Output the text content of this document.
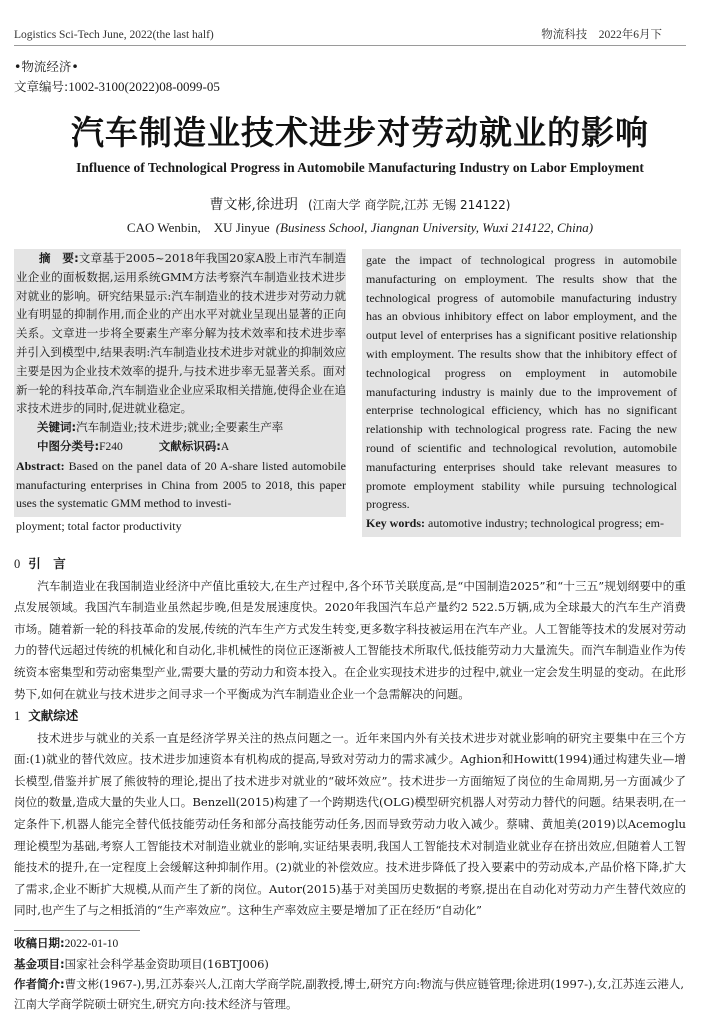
Logistics Sci-Tech June, 2022(the last half)	物流科技　2022年6月下
•物流经济•
文章编号:1002-3100(2022)08-0099-05
汽车制造业技术进步对劳动就业的影响
Influence of Technological Progress in Automobile Manufacturing Industry on Labor Employment
曹文彬,徐进玥 (江南大学 商学院,江苏 无锡 214122)
CAO Wenbin,　XU Jinyue (Business School, Jiangnan University, Wuxi 214122, China)

摘　要:文章基于2005~2018年我国20家A股上市汽车制造业企业的面板数据,运用系统GMM方法考察汽车制造业技术进步对就业的影响。研究结果显示:汽车制造业的技术进步对劳动力就业有明显的抑制作用,而企业的产出水平对就业呈现出显著的正向关系。文章进一步将全要素生产率分解为技术效率和技术进步率并引入到模型中,结果表明:汽车制造业技术进步对就业的抑制效应主要是因为企业技术效率的提升,与技术进步率无显著关系。面对新一轮的科技革命,汽车制造业企业应采取相关措施,使得企业在追求技术进步的同时,促进就业稳定。

关键词:汽车制造业;技术进步;就业;全要素生产率

中图分类号:F240	文献标识码:A

Abstract: Based on the panel data of 20 A-share listed automobile manufacturing enterprises in China from 2005 to 2018, this paper uses the systematic GMM method to investi-

ployment; total factor productivity

gate the impact of technological progress in automobile manufacturing on employment. The results show that the technological progress of automobile manufacturing industry has an obvious inhibitory effect on labor employment, and the output level of enterprises has a significant positive relationship with employment. The results show that the inhibitory effect of technological progress on employment in automobile manufacturing industry is mainly due to the improvement of enterprise technological efficiency, which has no significant relationship with technological progress rate. Facing the new round of scientific and technological revolution, automobile manufacturing enterprises should take relevant measures to promote employment stability while pursuing technological progress.

Key words: automotive industry; technological progress; em-

0 引　言

汽车制造业在我国制造业经济中产值比重较大,在生产过程中,各个环节关联度高,是“中国制造2025”和“十三五”规划纲要中的重点发展领域。我国汽车制造业虽然起步晚,但是发展速度快。2020年我国汽车总产量约2 522.5万辆,成为全球最大的汽车生产消费市场。随着新一轮的科技革命的发展,传统的汽车生产方式发生转变,更多数字科技被运用在汽车产业。人工智能等技术的发展对劳动力的替代远超过传统的机械化和自动化,非机械性的岗位正逐渐被人工智能技术所取代,低技能劳动力大量流失。而汽车制造业作为传统资本密集型和劳动密集型产业,需要大量的劳动力和资本投入。在企业实现技术进步的过程中,就业一定会发生明显的变动。在此形势下,如何在就业与技术进步之间寻求一个平衡成为汽车制造业企业一个急需解决的问题。

1 文献综述

技术进步与就业的关系一直是经济学界关注的热点问题之一。近年来国内外有关技术进步对就业影响的研究主要集中在三个方面:(1)就业的替代效应。技术进步加速资本有机构成的提高,导致对劳动力的需求减少。Aghion和Howitt(1994)通过构建失业—增长模型,借鉴并扩展了熊彼特的理论,提出了技术进步对就业的“破坏效应”。技术进步一方面缩短了岗位的生命周期,另一方面减少了岗位的数量,造成大量的失业人口。Benzell(2015)构建了一个跨期迭代(OLG)模型研究机器人对劳动力替代的问题。结果表明,在一定条件下,机器人能完全替代低技能劳动任务和部分高技能劳动任务,因而导致劳动力收入减少。蔡啸、黄旭美(2019)以Acemoglu理论模型为基础,考察人工智能技术对制造业就业的影响,实证结果表明,我国人工智能技术对制造业就业存在挤出效应,但随着人工智能技术的提升,在一定程度上会缓解这种抑制作用。(2)就业的补偿效应。技术进步降低了投入要素中的劳动成本,产品价格下降,扩大了需求,企业不断扩大规模,从而产生了新的岗位。Autor(2015)基于对美国历史数据的考察,提出在自动化对劳动力产生替代效应的同时,也产生了与之相抵消的“生产率效应”。这种生产率效应主要是增加了正在经历“自动化”

收稿日期:2022-01-10
基金项目:国家社会科学基金资助项目(16BTJ006)
作者简介:曹文彬(1967-),男,江苏泰兴人,江南大学商学院,副教授,博士,研究方向:物流与供应链管理;徐进玥(1997-),女,江苏连云港人,江南大学商学院硕士研究生,研究方向:技术经济与管理。
